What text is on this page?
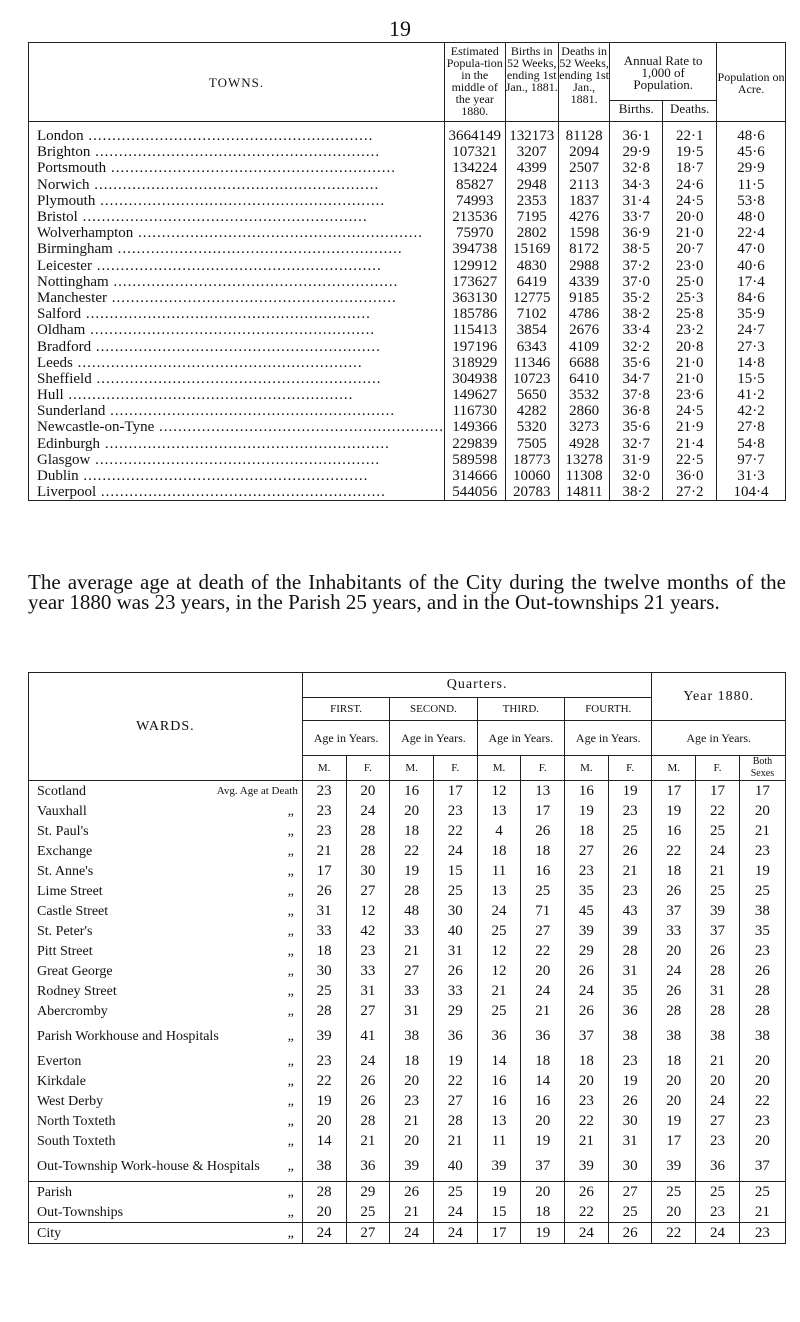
19
TOWNS.	Estimated Popula-tion in the middle of the year 1880.	Births in 52 Weeks, ending 1st Jan., 1881.	Deaths in 52 Weeks, ending 1st Jan., 1881.	Annual Rate to 1,000 of Population.		Population on Acre.
				Births.	Deaths.	
London .....	3664149	132173	81128	36·1	22·1	48·6
Brighton .....	107321	3207	2094	29·9	19·5	45·6
Portsmouth .....	134224	4399	2507	32·8	18·7	29·9
Norwich .....	85827	2948	2113	34·3	24·6	11·5
Plymouth .....	74993	2353	1837	31·4	24·5	53·8
Bristol .....	213536	7195	4276	33·7	20·0	48·0
Wolverhampton .....	75970	2802	1598	36·9	21·0	22·4
Birmingham .....	394738	15169	8172	38·5	20·7	47·0
Leicester .....	129912	4830	2988	37·2	23·0	40·6
Nottingham .....	173627	6419	4339	37·0	25·0	17·4
Manchester .....	363130	12775	9185	35·2	25·3	84·6
Salford .....	185786	7102	4786	38·2	25·8	35·9
Oldham .....	115413	3854	2676	33·4	23·2	24·7
Bradford .....	197196	6343	4109	32·2	20·8	27·3
Leeds .....	318929	11346	6688	35·6	21·0	14·8
Sheffield .....	304938	10723	6410	34·7	21·0	15·5
Hull .....	149627	5650	3532	37·8	23·6	41·2
Sunderland .....	116730	4282	2860	36·8	24·5	42·2
Newcastle-on-Tyne .....	149366	5320	3273	35·6	21·9	27·8
Edinburgh .....	229839	7505	4928	32·7	21·4	54·8
Glasgow .....	589598	18773	13278	31·9	22·5	97·7
Dublin .....	314666	10060	11308	32·0	36·0	31·3
Liverpool .....	544056	20783	14811	38·2	27·2	104·4
The average age at death of the Inhabitants of the City during the twelve months of the year 1880 was 23 years, in the Parish 25 years, and in the Out-townships 21 years.
WARDS.	Quarters.								Year 1880.		
	FIRST.		SECOND.		THIRD.		FOURTH.				
	Age in Years.		Age in Years.		Age in Years.		Age in Years.		Age in Years.		
	M.	F.	M.	F.	M.	F.	M.	F.	M.	F.	Both Sexes
Scotland Avg. Age at Death	23	20	16	17	12	13	16	19	17	17	17
Vauxhall „	23	24	20	23	13	17	19	23	19	22	20
St. Paul's „	23	28	18	22	4	26	18	25	16	25	21
Exchange „	21	28	22	24	18	18	27	26	22	24	23
St. Anne's „	17	30	19	15	11	16	23	21	18	21	19
Lime Street „	26	27	28	25	13	25	35	23	26	25	25
Castle Street „	31	12	48	30	24	71	45	43	37	39	38
St. Peter's „	33	42	33	40	25	27	39	39	33	37	35
Pitt Street „	18	23	21	31	12	22	29	28	20	26	23
Great George „	30	33	27	26	12	20	26	31	24	28	26
Rodney Street „	25	31	33	33	21	24	24	35	26	31	28
Abercromby „	28	27	31	29	25	21	26	36	28	28	28
Parish Workhouse and Hospitals „	39	41	38	36	36	36	37	38	38	38	38
Everton „	23	24	18	19	14	18	18	23	18	21	20
Kirkdale „	22	26	20	22	16	14	20	19	20	20	20
West Derby „	19	26	23	27	16	16	23	26	20	24	22
North Toxteth „	20	28	21	28	13	20	22	30	19	27	23
South Toxteth „	14	21	20	21	11	19	21	31	17	23	20
Out-Township Work-house & Hospitals „	38	36	39	40	39	37	39	30	39	36	37
Parish „	28	29	26	25	19	20	26	27	25	25	25
Out-Townships „	20	25	21	24	15	18	22	25	20	23	21
City „	24	27	24	24	17	19	24	26	22	24	23
